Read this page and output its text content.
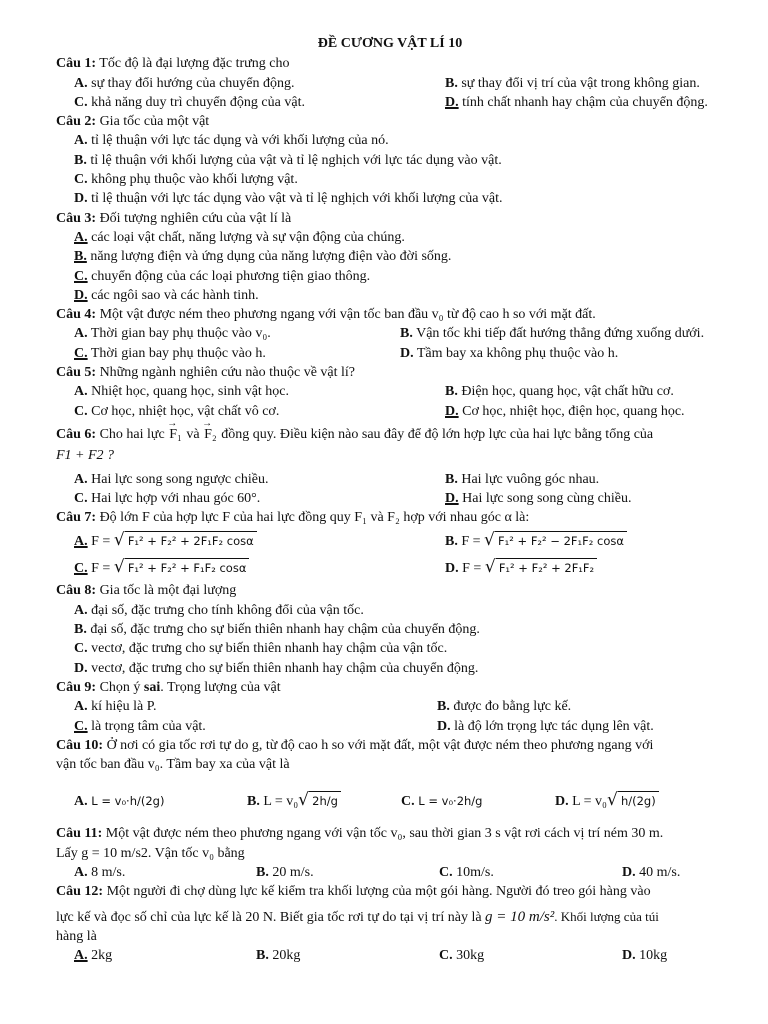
ĐỀ CƯƠNG VẬT LÍ 10
Câu 1: Tốc độ là đại lượng đặc trưng cho
A. sự thay đổi hướng của chuyển động.	B. sự thay đổi vị trí của vật trong không gian.
C. khả năng duy trì chuyển động của vật.	D. tính chất nhanh hay chậm của chuyển động.
Câu 2: Gia tốc của một vật
A. tỉ lệ thuận với lực tác dụng và với khối lượng của nó.
B. tỉ lệ thuận với khối lượng của vật và tỉ lệ nghịch với lực tác dụng vào vật.
C. không phụ thuộc vào khối lượng vật.
D. tỉ lệ thuận với lực tác dụng vào vật và tỉ lệ nghịch với khối lượng của vật.
Câu 3: Đối tượng nghiên cứu của vật lí là
A. các loại vật chất, năng lượng và sự vận động của chúng.
B. năng lượng điện và ứng dụng của năng lượng điện vào đời sống.
C. chuyển động của các loại phương tiện giao thông.
D. các ngôi sao và các hành tinh.
Câu 4: Một vật được ném theo phương ngang với vận tốc ban đầu v₀ từ độ cao h so với mặt đất.
A. Thời gian bay phụ thuộc vào v₀.	B. Vận tốc khi tiếp đất hướng thẳng đứng xuống dưới.
C. Thời gian bay phụ thuộc vào h.	D. Tầm bay xa không phụ thuộc vào h.
Câu 5: Những ngành nghiên cứu nào thuộc về vật lí?
A. Nhiệt học, quang học, sinh vật học.	B. Điện học, quang học, vật chất hữu cơ.
C. Cơ học, nhiệt học, vật chất vô cơ.	D. Cơ học, nhiệt học, điện học, quang học.
Câu 6: Cho hai lực → F₁ và → F₂ đồng quy. Điều kiện nào sau đây để độ lớn hợp lực của hai lực bằng tổng của
F1 + F2 ?
A. Hai lực song song ngược chiều.	B. Hai lực vuông góc nhau.
C. Hai lực hợp với nhau góc 60°.	D. Hai lực song song cùng chiều.
Câu 7: Độ lớn F của hợp lực F của hai lực đồng quy F₁ và F₂ hợp với nhau góc α là:
A. F = √ F₁² + F₂² + 2F₁F₂ cosα	B. F = √ F₁² + F₂² − 2F₁F₂ cosα
C. F = √ F₁² + F₂² + F₁F₂ cosα	D. F = √ F₁² + F₂² + 2F₁F₂
Câu 8: Gia tốc là một đại lượng
A. đại số, đặc trưng cho tính không đổi của vận tốc.
B. đại số, đặc trưng cho sự biến thiên nhanh hay chậm của chuyển động.
C. vectơ, đặc trưng cho sự biến thiên nhanh hay chậm của vận tốc.
D. vectơ, đặc trưng cho sự biến thiên nhanh hay chậm của chuyển động.
Câu 9: Chọn ý sai. Trọng lượng của vật
A. kí hiệu là P.	B. được đo bằng lực kế.
C. là trọng tâm của vật.	D. là độ lớn trọng lực tác dụng lên vật.
Câu 10: Ở nơi có gia tốc rơi tự do g, từ độ cao h so với mặt đất, một vật được ném theo phương ngang với
vận tốc ban đầu v₀. Tầm bay xa của vật là
A. L = v₀·h/(2g)	B. L = v₀ √ 2h/g	C. L = v₀·2h/g	D. L = v₀ √ h/(2g)
Câu 11: Một vật được ném theo phương ngang với vận tốc v₀, sau thời gian 3 s vật rơi cách vị trí ném 30 m.
Lấy g = 10 m/s2. Vận tốc v₀ bằng
A. 8 m/s.	B. 20 m/s.	C. 10m/s.	D. 40 m/s.
Câu 12: Một người đi chợ dùng lực kế kiểm tra khối lượng của một gói hàng. Người đó treo gói hàng vào
lực kế và đọc số chỉ của lực kế là 20 N. Biết gia tốc rơi tự do tại vị trí này là g = 10 m/s². Khối lượng của túi
hàng là
A. 2kg	B. 20kg	C. 30kg	D. 10kg
